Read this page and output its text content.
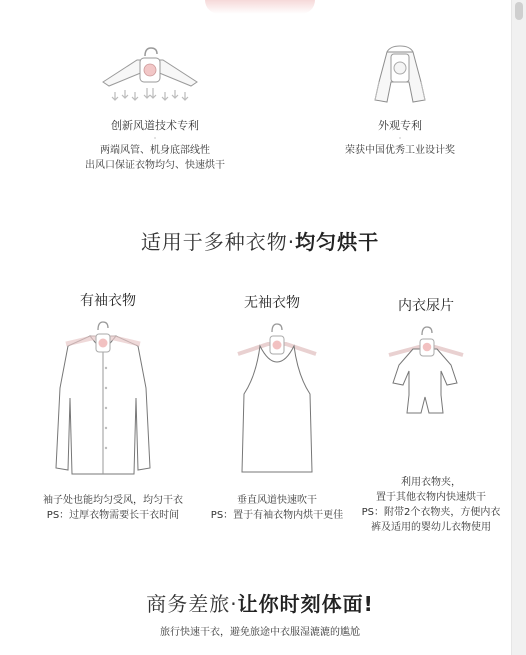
创新风道技术专利
·
两端风管、机身底部线性
出风口保证衣物均匀、快速烘干
外观专利
·
荣获中国优秀工业设计奖
适用于多种衣物·均匀烘干
有袖衣物	无袖衣物	内衣尿片
袖子处也能均匀受风，均匀干衣
PS：过厚衣物需要长干衣时间
垂直风道快速吹干
PS：置于有袖衣物内烘干更佳
利用衣物夹，
置于其他衣物内快速烘干
PS：附带2个衣物夹，方便内衣
裤及适用的婴幼儿衣物使用
商务差旅·让你时刻体面!
旅行快速干衣，避免旅途中衣服湿漉漉的尴尬
